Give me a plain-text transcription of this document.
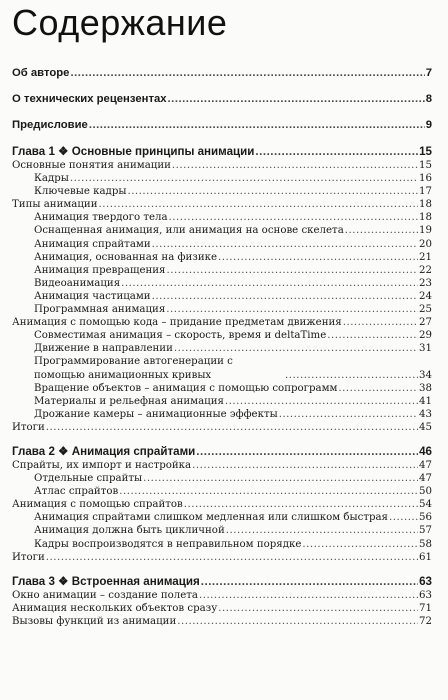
Содержание
Об авторе .....	7
О технических рецензентах .....	8
Предисловие .....	9
Глава 1 ❖ Основные принципы анимации .....	15
Основные понятия анимации .....	15
Кадры .....	16
Ключевые кадры .....	17
Типы анимации .....	18
Анимация твердого тела .....	18
Оснащенная анимация, или анимация на основе скелета .....	19
Анимация спрайтами .....	20
Анимация, основанная на физике .....	21
Анимация превращения .....	22
Видеоанимация .....	23
Анимация частицами .....	24
Программная анимация .....	25
Анимация с помощью кода – придание предметам движения .....	27
Совместимая анимация – скорость, время и deltaTime .....	29
Движение в направлении .....	31
Программирование автогенерации с помощью анимационных кривых .....	34
Вращение объектов – анимация с помощью сопрограмм .....	38
Материалы и рельефная анимация .....	41
Дрожание камеры – анимационные эффекты .....	43
Итоги .....	45
Глава 2 ❖ Анимация спрайтами .....	46
Спрайты, их импорт и настройка .....	47
Отдельные спрайты .....	47
Атлас спрайтов .....	50
Анимация с помощью спрайтов .....	54
Анимация спрайтами слишком медленная или слишком быстрая .....	56
Анимация должна быть цикличной .....	57
Кадры воспроизводятся в неправильном порядке .....	58
Итоги .....	61
Глава 3 ❖ Встроенная анимация .....	63
Окно анимации – создание полета .....	63
Анимация нескольких объектов сразу .....	71
Вызовы функций из анимации .....	72
